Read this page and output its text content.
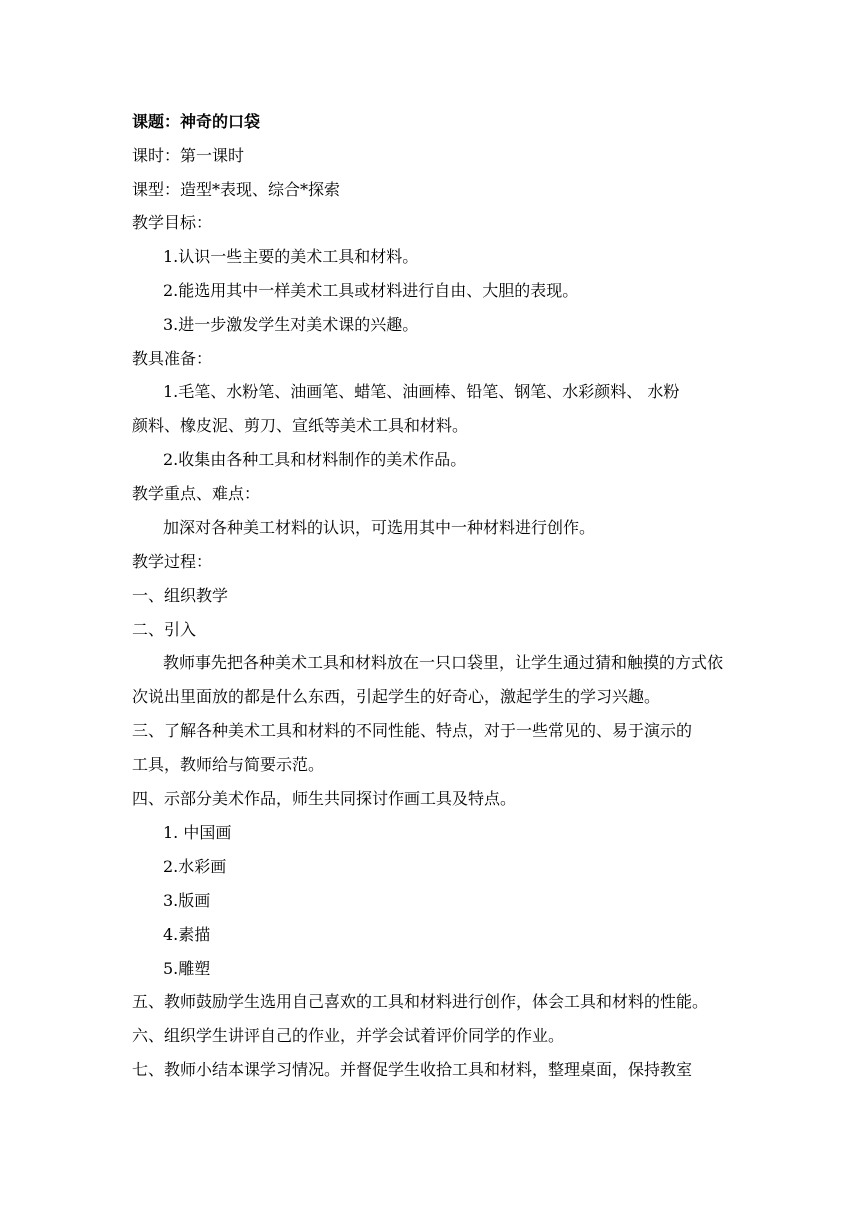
课题：神奇的口袋
课时：第一课时
课型：造型*表现、综合*探索
教学目标：
1.认识一些主要的美术工具和材料。
2.能选用其中一样美术工具或材料进行自由、大胆的表现。
3.进一步激发学生对美术课的兴趣。
教具准备：
1.毛笔、水粉笔、油画笔、蜡笔、油画棒、铅笔、钢笔、水彩颜料、 水粉
颜料、橡皮泥、剪刀、宣纸等美术工具和材料。
2.收集由各种工具和材料制作的美术作品。
教学重点、难点：
加深对各种美工材料的认识，可选用其中一种材料进行创作。
教学过程：
一、组织教学
二、引入
教师事先把各种美术工具和材料放在一只口袋里，让学生通过猜和触摸的方式依
次说出里面放的都是什么东西，引起学生的好奇心，激起学生的学习兴趣。
三、了解各种美术工具和材料的不同性能、特点，对于一些常见的、易于演示的
工具，教师给与简要示范。
四、示部分美术作品，师生共同探讨作画工具及特点。
1. 中国画
2.水彩画
3.版画
4.素描
5.雕塑
五、教师鼓励学生选用自己喜欢的工具和材料进行创作，体会工具和材料的性能。
六、组织学生讲评自己的作业，并学会试着评价同学的作业。
七、教师小结本课学习情况。并督促学生收拾工具和材料，整理桌面，保持教室
